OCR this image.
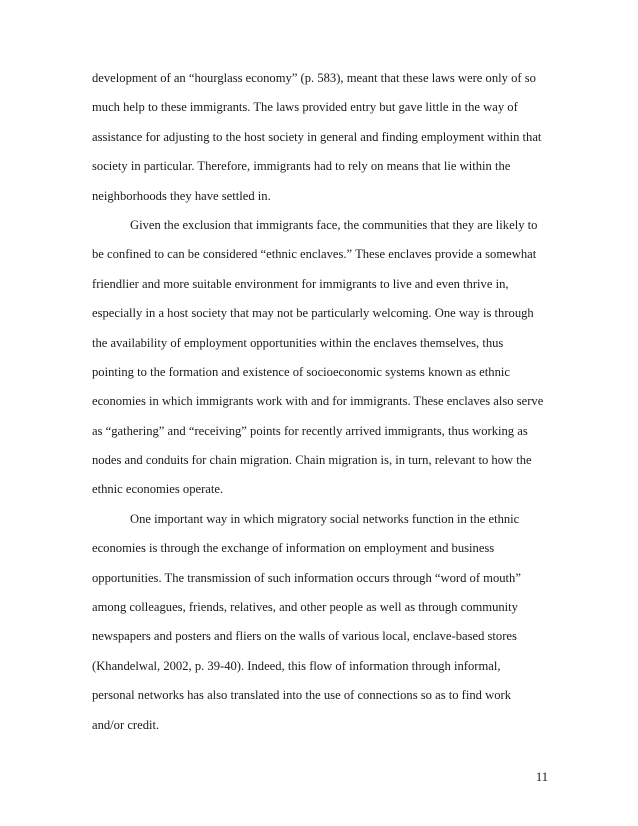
development of an “hourglass economy” (p. 583), meant that these laws were only of so
much help to these immigrants. The laws provided entry but gave little in the way of
assistance for adjusting to the host society in general and finding employment within that
society in particular. Therefore, immigrants had to rely on means that lie within the
neighborhoods they have settled in.
Given the exclusion that immigrants face, the communities that they are likely to
be confined to can be considered “ethnic enclaves.” These enclaves provide a somewhat
friendlier and more suitable environment for immigrants to live and even thrive in,
especially in a host society that may not be particularly welcoming. One way is through
the availability of employment opportunities within the enclaves themselves, thus
pointing to the formation and existence of socioeconomic systems known as ethnic
economies in which immigrants work with and for immigrants. These enclaves also serve
as “gathering” and “receiving” points for recently arrived immigrants, thus working as
nodes and conduits for chain migration. Chain migration is, in turn, relevant to how the
ethnic economies operate.
One important way in which migratory social networks function in the ethnic
economies is through the exchange of information on employment and business
opportunities. The transmission of such information occurs through “word of mouth”
among colleagues, friends, relatives, and other people as well as through community
newspapers and posters and fliers on the walls of various local, enclave-based stores
(Khandelwal, 2002, p. 39-40). Indeed, this flow of information through informal,
personal networks has also translated into the use of connections so as to find work
and/or credit.
11
